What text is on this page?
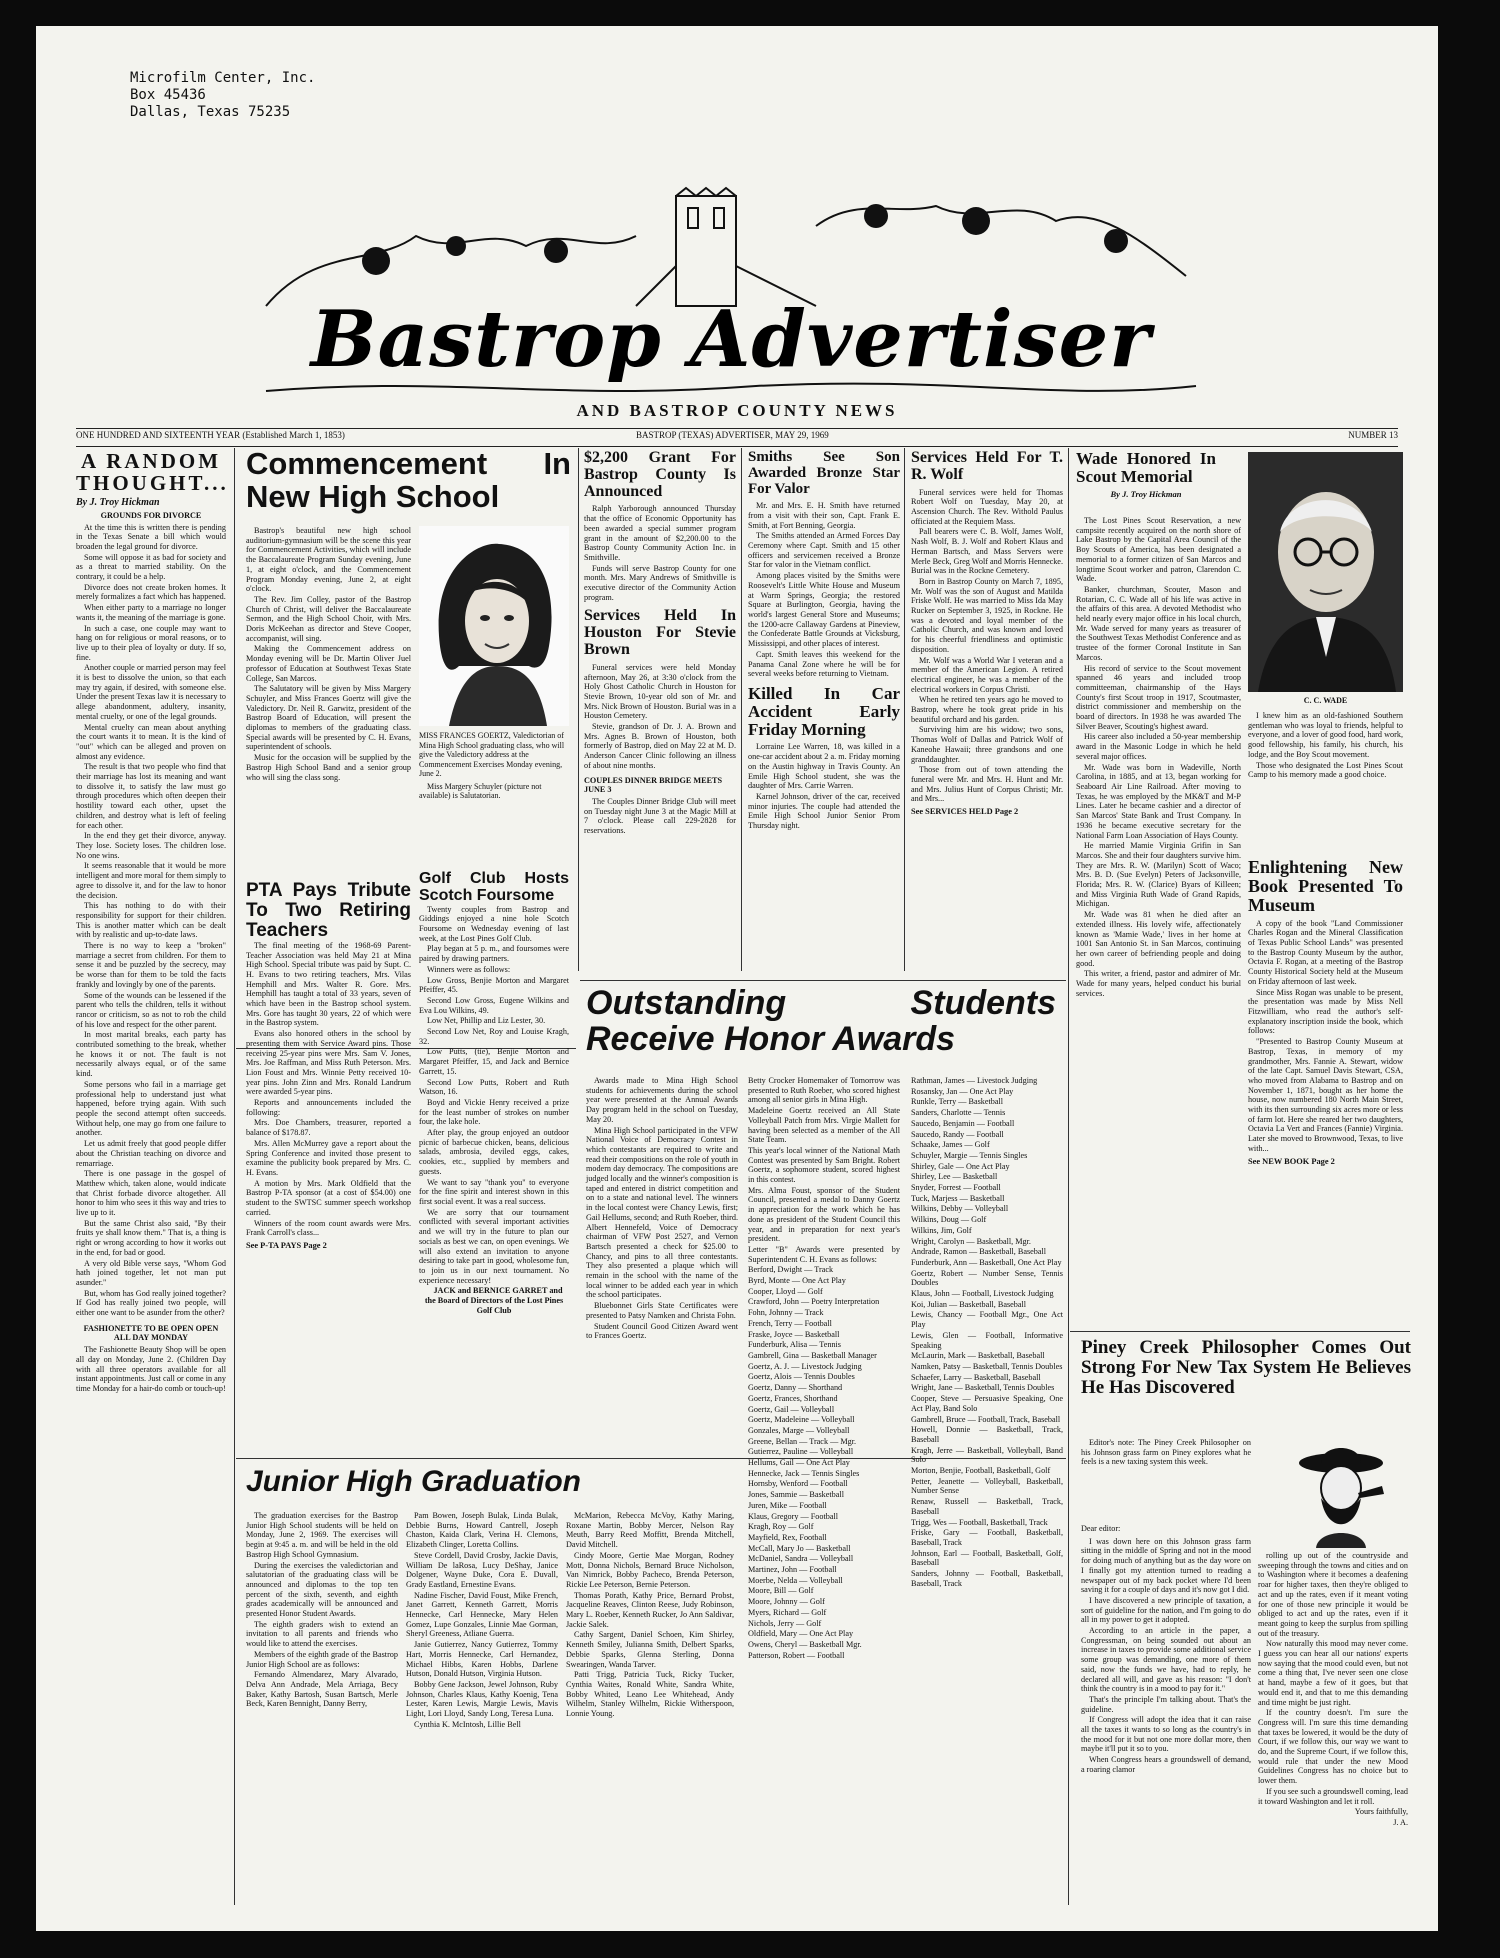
Microfilm Center, Inc.
Box 45436
Dallas, Texas 75235
Bastrop Advertiser
AND BASTROP COUNTY NEWS
ONE HUNDRED AND SIXTEENTH YEAR (Established March 1, 1853)	BASTROP (TEXAS) ADVERTISER, MAY 29, 1969	NUMBER 13
A RANDOM THOUGHT...
By J. Troy Hickman
GROUNDS FOR DIVORCE

At the time this is written there is pending in the Texas Senate a bill which would broaden the legal ground for divorce.

Some will oppose it as bad for society and as a threat to married stability. On the contrary, it could be a help.

Divorce does not create broken homes. It merely formalizes a fact which has happened.

When either party to a marriage no longer wants it, the meaning of the marriage is gone.

In such a case, one couple may want to hang on for religious or moral reasons, or to live up to their plea of loyalty or duty. If so, fine.

Another couple or married person may feel it is best to dissolve the union, so that each may try again, if desired, with someone else. Under the present Texas law it is necessary to allege abandonment, adultery, insanity, mental cruelty, or one of the legal grounds.

Mental cruelty can mean about anything the court wants it to mean. It is the kind of "out" which can be alleged and proven on almost any evidence.

The result is that two people who find that their marriage has lost its meaning and want to dissolve it, to satisfy the law must go through procedures which often deepen their hostility toward each other, upset the children, and destroy what is left of feeling for each other.

In the end they get their divorce, anyway. They lose. Society loses. The children lose. No one wins.

It seems reasonable that it would be more intelligent and more moral for them simply to agree to dissolve it, and for the law to honor the decision.

This has nothing to do with their responsibility for support for their children. This is another matter which can be dealt with by realistic and up-to-date laws.

There is no way to keep a "broken" marriage a secret from children. For them to sense it and be puzzled by the secrecy, may be worse than for them to be told the facts frankly and lovingly by one of the parents.

Some of the wounds can be lessened if the parent who tells the children, tells it without rancor or criticism, so as not to rob the child of his love and respect for the other parent.

In most marital breaks, each party has contributed something to the break, whether he knows it or not. The fault is not necessarily always equal, or of the same kind.

Some persons who fail in a marriage get professional help to understand just what happened, before trying again. With such people the second attempt often succeeds. Without help, one may go from one failure to another.

Let us admit freely that good people differ about the Christian teaching on divorce and remarriage.

There is one passage in the gospel of Matthew which, taken alone, would indicate that Christ forbade divorce altogether. All honor to him who sees it this way and tries to live up to it.

But the same Christ also said, "By their fruits ye shall know them." That is, a thing is right or wrong according to how it works out in the end, for bad or good.

A very old Bible verse says, "Whom God hath joined together, let not man put asunder."

But, whom has God really joined together? If God has really joined two people, will either one want to be asunder from the other?

FASHIONETTE TO BE OPEN OPEN ALL DAY MONDAY

The Fashionette Beauty Shop will be open all day on Monday, June 2. (Children Day with all three operators available for all instant appointments. Just call or come in any time Monday for a hair-do comb or touch-up!

Commencement In New High School

Bastrop's beautiful new high school auditorium-gymnasium will be the scene this year for Commencement Activities, which will include the Baccalaureate Program Sunday evening, June 1, at eight o'clock, and the Commencement Program Monday evening, June 2, at eight o'clock.

The Rev. Jim Colley, pastor of the Bastrop Church of Christ, will deliver the Baccalaureate Sermon, and the High School Choir, with Mrs. Doris McKeehan as director and Steve Cooper, accompanist, will sing.

Making the Commencement address on Monday evening will be Dr. Martin Oliver Juel professor of Education at Southwest Texas State College, San Marcos.

The Salutatory will be given by Miss Margery Schuyler, and Miss Frances Goertz will give the Valedictory. Dr. Neil R. Garwitz, president of the Bastrop Board of Education, will present the diplomas to members of the graduating class. Special awards will be presented by C. H. Evans, superintendent of schools.

Music for the occasion will be supplied by the Bastrop High School Band and a senior group who will sing the class song.

MISS FRANCES GOERTZ, Valedictorian of Mina High School graduating class, who will give the Valedictory address at the Commencement Exercises Monday evening, June 2.
Miss Margery Schuyler (picture not available) is Salutatorian.
PTA Pays Tribute To Two Retiring Teachers

The final meeting of the 1968-69 Parent-Teacher Association was held May 21 at Mina High School. Special tribute was paid by Supt. C. H. Evans to two retiring teachers, Mrs. Vilas Hemphill and Mrs. Walter R. Gore. Mrs. Hemphill has taught a total of 33 years, seven of which have been in the Bastrop school system. Mrs. Gore has taught 30 years, 22 of which were in the Bastrop system.

Evans also honored others in the school by presenting them with Service Award pins. Those receiving 25-year pins were Mrs. Sam V. Jones, Mrs. Joe Raffman, and Miss Ruth Peterson. Mrs. Lion Foust and Mrs. Winnie Petty received 10-year pins. John Zinn and Mrs. Ronald Landrum were awarded 5-year pins.

Reports and announcements included the following:

Mrs. Doe Chambers, treasurer, reported a balance of $178.87.

Mrs. Allen McMurrey gave a report about the Spring Conference and invited those present to examine the publicity book prepared by Mrs. C. H. Evans.

A motion by Mrs. Mark Oldfield that the Bastrop P-TA sponsor (at a cost of $54.00) one student to the SWTSC summer speech workshop carried.

Winners of the room count awards were Mrs. Frank Carroll's class...

See P-TA PAYS Page 2
Golf Club Hosts Scotch Foursome

Twenty couples from Bastrop and Giddings enjoyed a nine hole Scotch Foursome on Wednesday evening of last week, at the Lost Pines Golf Club.

Play began at 5 p. m., and foursomes were paired by drawing partners.

Winners were as follows:

Low Gross, Benjie Morton and Margaret Pfeiffer, 45.

Second Low Gross, Eugene Wilkins and Eva Lou Wilkins, 49.

Low Net, Phillip and Liz Lester, 30.

Second Low Net, Roy and Louise Kragh, 32.

Low Putts, (tie), Benjie Morton and Margaret Pfeiffer, 15, and Jack and Bernice Garrett, 15.

Second Low Putts, Robert and Ruth Watson, 16.

Boyd and Vickie Henry received a prize for the least number of strokes on number four, the lake hole.

After play, the group enjoyed an outdoor picnic of barbecue chicken, beans, delicious salads, ambrosia, deviled eggs, cakes, cookies, etc., supplied by members and guests.

We want to say "thank you" to everyone for the fine spirit and interest shown in this first social event. It was a real success.

We are sorry that our tournament conflicted with several important activities and we will try in the future to plan our socials as best we can, on open evenings. We will also extend an invitation to anyone desiring to take part in good, wholesome fun, to join us in our next tournament. No experience necessary!

JACK and BERNICE GARRET and the Board of Directors of the Lost Pines Golf Club

$2,200 Grant For Bastrop County Is Announced

Ralph Yarborough announced Thursday that the office of Economic Opportunity has been awarded a special summer program grant in the amount of $2,200.00 to the Bastrop County Community Action Inc. in Smithville.

Funds will serve Bastrop County for one month. Mrs. Mary Andrews of Smithville is executive director of the Community Action program.

Services Held In Houston For Stevie Brown

Funeral services were held Monday afternoon, May 26, at 3:30 o'clock from the Holy Ghost Catholic Church in Houston for Stevie Brown, 10-year old son of Mr. and Mrs. Nick Brown of Houston. Burial was in a Houston Cemetery.

Stevie, grandson of Dr. J. A. Brown and Mrs. Agnes B. Brown of Houston, both formerly of Bastrop, died on May 22 at M. D. Anderson Cancer Clinic following an illness of about nine months.

COUPLES DINNER BRIDGE MEETS JUNE 3

The Couples Dinner Bridge Club will meet on Tuesday night June 3 at the Magic Mill at 7 o'clock. Please call 229-2828 for reservations.

Smiths See Son Awarded Bronze Star For Valor

Mr. and Mrs. E. H. Smith have returned from a visit with their son, Capt. Frank E. Smith, at Fort Benning, Georgia.

The Smiths attended an Armed Forces Day Ceremony where Capt. Smith and 15 other officers and servicemen received a Bronze Star for valor in the Vietnam conflict.

Among places visited by the Smiths were Roosevelt's Little White House and Museum at Warm Springs, Georgia; the restored Square at Burlington, Georgia, having the world's largest General Store and Museums; the 1200-acre Callaway Gardens at Pineview, the Confederate Battle Grounds at Vicksburg, Mississippi, and other places of interest.

Capt. Smith leaves this weekend for the Panama Canal Zone where he will be for several weeks before returning to Vietnam.

Killed In Car Accident Early Friday Morning

Lorraine Lee Warren, 18, was killed in a one-car accident about 2 a. m. Friday morning on the Austin highway in Travis County. An Emile High School student, she was the daughter of Mrs. Carrie Warren.

Karnel Johnson, driver of the car, received minor injuries. The couple had attended the Emile High School Junior Senior Prom Thursday night.

Services Held For T. R. Wolf

Funeral services were held for Thomas Robert Wolf on Tuesday, May 20, at Ascension Church. The Rev. Withold Paulus officiated at the Requiem Mass.

Pall bearers were C. B. Wolf, James Wolf, Nash Wolf, B. J. Wolf and Robert Klaus and Herman Bartsch, and Mass Servers were Merle Beck, Greg Wolf and Morris Hennecke. Burial was in the Rockne Cemetery.

Born in Bastrop County on March 7, 1895, Mr. Wolf was the son of August and Matilda Friske Wolf. He was married to Miss Ida May Rucker on September 3, 1925, in Rockne. He was a devoted and loyal member of the Catholic Church, and was known and loved for his cheerful friendliness and optimistic disposition.

Mr. Wolf was a World War I veteran and a member of the American Legion. A retired electrical engineer, he was a member of the electrical workers in Corpus Christi.

When he retired ten years ago he moved to Bastrop, where he took great pride in his beautiful orchard and his garden.

Surviving him are his widow; two sons, Thomas Wolf of Dallas and Patrick Wolf of Kaneohe Hawaii; three grandsons and one granddaughter.

Those from out of town attending the funeral were Mr. and Mrs. H. Hunt and Mr. and Mrs. Julius Hunt of Corpus Christi; Mr. and Mrs...

See SERVICES HELD Page 2
Wade Honored In Scout Memorial
By J. Troy Hickman
C. C. WADE

The Lost Pines Scout Reservation, a new campsite recently acquired on the north shore of Lake Bastrop by the Capital Area Council of the Boy Scouts of America, has been designated a memorial to a former citizen of San Marcos and longtime Scout worker and patron, Clarendon C. Wade.

Banker, churchman, Scouter, Mason and Rotarian, C. C. Wade all of his life was active in the affairs of this area. A devoted Methodist who held nearly every major office in his local church, Mr. Wade served for many years as treasurer of the Southwest Texas Methodist Conference and as trustee of the former Coronal Institute in San Marcos.

His record of service to the Scout movement spanned 46 years and included troop committeeman, chairmanship of the Hays County's first Scout troop in 1917, Scoutmaster, district commissioner and membership on the board of directors. In 1938 he was awarded The Silver Beaver, Scouting's highest award.

His career also included a 50-year membership award in the Masonic Lodge in which he held several major offices.

Mr. Wade was born in Wadeville, North Carolina, in 1885, and at 13, began working for Seaboard Air Line Railroad. After moving to Texas, he was employed by the MK&T and M-P Lines. Later he became cashier and a director of San Marcos' State Bank and Trust Company. In 1936 he became executive secretary for the National Farm Loan Association of Hays County.

He married Mamie Virginia Grifin in San Marcos. She and their four daughters survive him. They are Mrs. R. W. (Marilyn) Scott of Waco; Mrs. B. D. (Sue Evelyn) Peters of Jacksonville, Florida; Mrs. R. W. (Clarice) Byars of Killeen; and Miss Virginia Ruth Wade of Grand Rapids, Michigan.

Mr. Wade was 81 when he died after an extended illness. His lovely wife, affectionately known as 'Mamie Wade,' lives in her home at 1001 San Antonio St. in San Marcos, continuing her own career of befriending people and doing good.

This writer, a friend, pastor and admirer of Mr. Wade for many years, helped conduct his burial services.

I knew him as an old-fashioned Southern gentleman who was loyal to friends, helpful to everyone, and a lover of good food, hard work, good fellowship, his family, his church, his lodge, and the Boy Scout movement.

Those who designated the Lost Pines Scout Camp to his memory made a good choice.

Enlightening New Book Presented To Museum

A copy of the book "Land Commissioner Charles Rogan and the Mineral Classification of Texas Public School Lands" was presented to the Bastrop County Museum by the author, Octavia F. Rogan, at a meeting of the Bastrop County Historical Society held at the Museum on Friday afternoon of last week.

Since Miss Rogan was unable to be present, the presentation was made by Miss Nell Fitzwilliam, who read the author's self-explanatory inscription inside the book, which follows:

"Presented to Bastrop County Museum at Bastrop, Texas, in memory of my grandmother, Mrs. Fannie A. Stewart, widow of the late Capt. Samuel Davis Stewart, CSA, who moved from Alabama to Bastrop and on November 1, 1871, bought as her home the house, now numbered 180 North Main Street, with its then surrounding six acres more or less of farm lot. Here she reared her two daughters, Octavia La Vert and Frances (Fannie) Virginia. Later she moved to Brownwood, Texas, to live with...

See NEW BOOK Page 2
Outstanding Students Receive Honor Awards

Awards made to Mina High School students for achievements during the school year were presented at the Annual Awards Day program held in the school on Tuesday, May 20.

Mina High School participated in the VFW National Voice of Democracy Contest in which contestants are required to write and read their compositions on the role of youth in modern day democracy. The compositions are judged locally and the winner's composition is taped and entered in district competition and on to a state and national level. The winners in the local contest were Chancy Lewis, first; Gail Hellums, second; and Ruth Roeber, third. Albert Hennefeld, Voice of Democracy chairman of VFW Post 2527, and Vernon Bartsch presented a check for $25.00 to Chancy, and pins to all three contestants. They also presented a plaque which will remain in the school with the name of the local winner to be added each year in which the school participates.

Bluebonnet Girls State Certificates were presented to Patsy Namken and Christa Fohn.

Student Council Good Citizen Award went to Frances Goertz.

Betty Crocker Homemaker of Tomorrow was presented to Ruth Roeber, who scored highest among all senior girls in Mina High.
Madeleine Goertz received an All State Volleyball Patch from Mrs. Virgie Mallett for having been selected as a member of the All State Team.
This year's local winner of the National Math Contest was presented by Sam Bright. Robert Goertz, a sophomore student, scored highest in this contest.
Mrs. Alma Foust, sponsor of the Student Council, presented a medal to Danny Goertz in appreciation for the work which he has done as president of the Student Council this year, and in preparation for next year's president.
Letter "B" Awards were presented by Superintendent C. H. Evans as follows:
Berford, Dwight — Track
Byrd, Monte — One Act Play
Cooper, Lloyd — Golf
Crawford, John — Poetry Interpretation
Fohn, Johnny — Track
French, Terry — Football
Fraske, Joyce — Basketball
Funderburk, Alisa — Tennis
Gambrell, Gina — Basketball Manager
Goertz, A. J. — Livestock Judging
Goertz, Alois — Tennis Doubles
Goertz, Danny — Shorthand
Goertz, Frances, Shorthand
Goertz, Gail — Volleyball
Goertz, Madeleine — Volleyball
Gonzales, Marge — Volleyball
Greene, Bellan — Track — Mgr.
Gutierrez, Pauline — Volleyball
Hellums, Gail — One Act Play
Hennecke, Jack — Tennis Singles
Hornsby, Wenford — Football
Jones, Sammie — Basketball
Juren, Mike — Football
Klaus, Gregory — Football
Kragh, Roy — Golf
Mayfield, Rex, Football
McCall, Mary Jo — Basketball
McDaniel, Sandra — Volleyball
Martinez, John — Football
Moerbe, Nelda — Volleyball
Moore, Bill — Golf
Moore, Johnny — Golf
Myers, Richard — Golf
Nichols, Jerry — Golf
Oldfield, Mary — One Act Play
Owens, Cheryl — Basketball Mgr.
Patterson, Robert — Football
Rathman, James — Livestock Judging
Rosansky, Jan — One Act Play
Runkle, Terry — Basketball
Sanders, Charlotte — Tennis
Saucedo, Benjamin — Football
Saucedo, Randy — Football
Schaake, James — Golf
Schuyler, Margie — Tennis Singles
Shirley, Gale — One Act Play
Shirley, Lee — Basketball
Snyder, Forrest — Football
Tuck, Marjess — Basketball
Wilkins, Debby — Volleyball
Wilkins, Doug — Golf
Wilkins, Jim, Golf
Wright, Carolyn — Basketball, Mgr.
Andrade, Ramon — Basketball, Baseball
Funderburk, Ann — Basketball, One Act Play
Goertz, Robert — Number Sense, Tennis Doubles
Klaus, John — Football, Livestock Judging
Koi, Julian — Basketball, Baseball
Lewis, Chancy — Football Mgr., One Act Play
Lewis, Glen — Football, Informative Speaking
McLaurin, Mark — Basketball, Baseball
Namken, Patsy — Basketball, Tennis Doubles
Schaefer, Larry — Basketball, Baseball
Wright, Jane — Basketball, Tennis Doubles
Cooper, Steve — Persuasive Speaking, One Act Play, Band Solo
Gambrell, Bruce — Football, Track, Baseball
Howell, Donnie — Basketball, Track, Baseball
Kragh, Jerre — Basketball, Volleyball, Band Solo
Morton, Benjie, Football, Basketball, Golf
Petter, Jeanette — Volleyball, Basketball, Number Sense
Renaw, Russell — Basketball, Track, Baseball
Trigg, Wes — Football, Basketball, Track
Friske, Gary — Football, Basketball, Baseball, Track
Johnson, Earl — Football, Basketball, Golf, Baseball
Sanders, Johnny — Football, Basketball, Baseball, Track
Junior High Graduation

The graduation exercises for the Bastrop Junior High School students will be held on Monday, June 2, 1969. The exercises will begin at 9:45 a. m. and will be held in the old Bastrop High School Gymnasium.

During the exercises the valedictorian and salutatorian of the graduating class will be announced and diplomas to the top ten percent of the sixth, seventh, and eighth grades academically will be announced and presented Honor Student Awards.

The eighth graders wish to extend an invitation to all parents and friends who would like to attend the exercises.

Members of the eighth grade of the Bastrop Junior High School are as follows:

Fernando Almendarez, Mary Alvarado, Delva Ann Andrade, Mela Arriaga, Becy Baker, Kathy Bartosh, Susan Bartsch, Merle Beck, Karen Bennight, Danny Berry,

Pam Bowen, Joseph Bulak, Linda Bulak, Debbie Burns, Howard Cantrell, Joseph Chaston, Kaida Clark, Verina H. Clemons, Elizabeth Clinger, Loretta Collins.

Steve Cordell, David Crosby, Jackie Davis, William De laRosa, Lucy DeShay, Janice Dolgener, Wayne Duke, Cora E. Duvall, Grady Eastland, Ernestine Evans.

Nadine Fischer, David Foust, Mike French, Janet Garrett, Kenneth Garrett, Morris Hennecke, Carl Hennecke, Mary Helen Gomez, Lupe Gonzales, Linnie Mae Gorman, Sheryl Greeness, Atliane Guerra.

Janie Gutierrez, Nancy Gutierrez, Tommy Hart, Morris Hennecke, Carl Hernandez, Michael Hibbs, Karen Hobbs, Darlene Hutson, Donald Hutson, Virginia Hutson.

Bobby Gene Jackson, Jewel Johnson, Ruby Johnson, Charles Klaus, Kathy Koenig, Tena Lester, Karen Lewis, Margie Lewis, Mavis Light, Lori Lloyd, Sandy Long, Teresa Luna.

Cynthia K. McIntosh, Lillie Bell

McMarion, Rebecca McVoy, Kathy Maring, Roxane Martin, Bobby Mercer, Nelson Ray Meuth, Barry Reed Moffitt, Brenda Mitchell, David Mitchell.

Cindy Moore, Gertie Mae Morgan, Rodney Mott, Donna Nichols, Bernard Bruce Nicholson, Van Nimrick, Bobby Pacheco, Brenda Peterson, Rickie Lee Peterson, Bernie Peterson.

Thomas Porath, Kathy Price, Bernard Probst, Jacqueline Reaves, Clinton Reese, Judy Robinson, Mary L. Roeber, Kenneth Rucker, Jo Ann Saldivar, Jackie Salek.

Cathy Sargent, Daniel Schoen, Kim Shirley, Kenneth Smiley, Julianna Smith, Delbert Sparks, Debbie Sparks, Glenna Sterling, Donna Swearingen, Wanda Tarver.

Patti Trigg, Patricia Tuck, Ricky Tucker, Cynthia Waites, Ronald White, Sandra White, Bobby Whited, Leano Lee Whitehead, Andy Wilhelm, Stanley Wilhelm, Rickie Witherspoon, Lonnie Young.

Piney Creek Philosopher Comes Out Strong For New Tax System He Believes He Has Discovered

Editor's note: The Piney Creek Philosopher on his Johnson grass farm on Piney explores what he feels is a new taxing system this week.

Dear editor:

I was down here on this Johnson grass farm sitting in the middle of Spring and not in the mood for doing much of anything but as the day wore on I finally got my attention turned to reading a newspaper out of my back pocket where I'd been saving it for a couple of days and it's now got I did.

I have discovered a new principle of taxation, a sort of guideline for the nation, and I'm going to do all in my power to get it adopted.

According to an article in the paper, a Congressman, on being sounded out about an increase in taxes to provide some additional service some group was demanding, one more of them said, now the funds we have, had to reply, he declared all will, and gave as his reason: "I don't think the country is in a mood to pay for it."

That's the principle I'm talking about. That's the guideline.

If Congress will adopt the idea that it can raise all the taxes it wants to so long as the country's in the mood for it but not one more dollar more, then maybe it'll put it so to you.

When Congress hears a groundswell of demand, a roaring clamor

rolling up out of the countryside and sweeping through the towns and cities and on to Washington where it becomes a deafening roar for higher taxes, then they're obliged to act and up the rates, even if it meant voting for one of those new principle it would be obliged to act and up the rates, even if it meant going to keep the surplus from spilling out of the treasury.

Now naturally this mood may never come. I guess you can hear all our nations' experts now saying that the mood could even, but not come a thing that, I've never seen one close at hand, maybe a few of it goes, but that would end it, and that to me this demanding and time might be just right.

If the country doesn't. I'm sure the Congress will. I'm sure this time demanding that taxes be lowered, it would be the duty of Court, if we follow this, our way we want to do, and the Supreme Court, if we follow this, would rule that under the new Mood Guidelines Congress has no choice but to lower them.

If you see such a groundswell coming, lead it toward Washington and let it roll.

Yours faithfully,

J. A.
